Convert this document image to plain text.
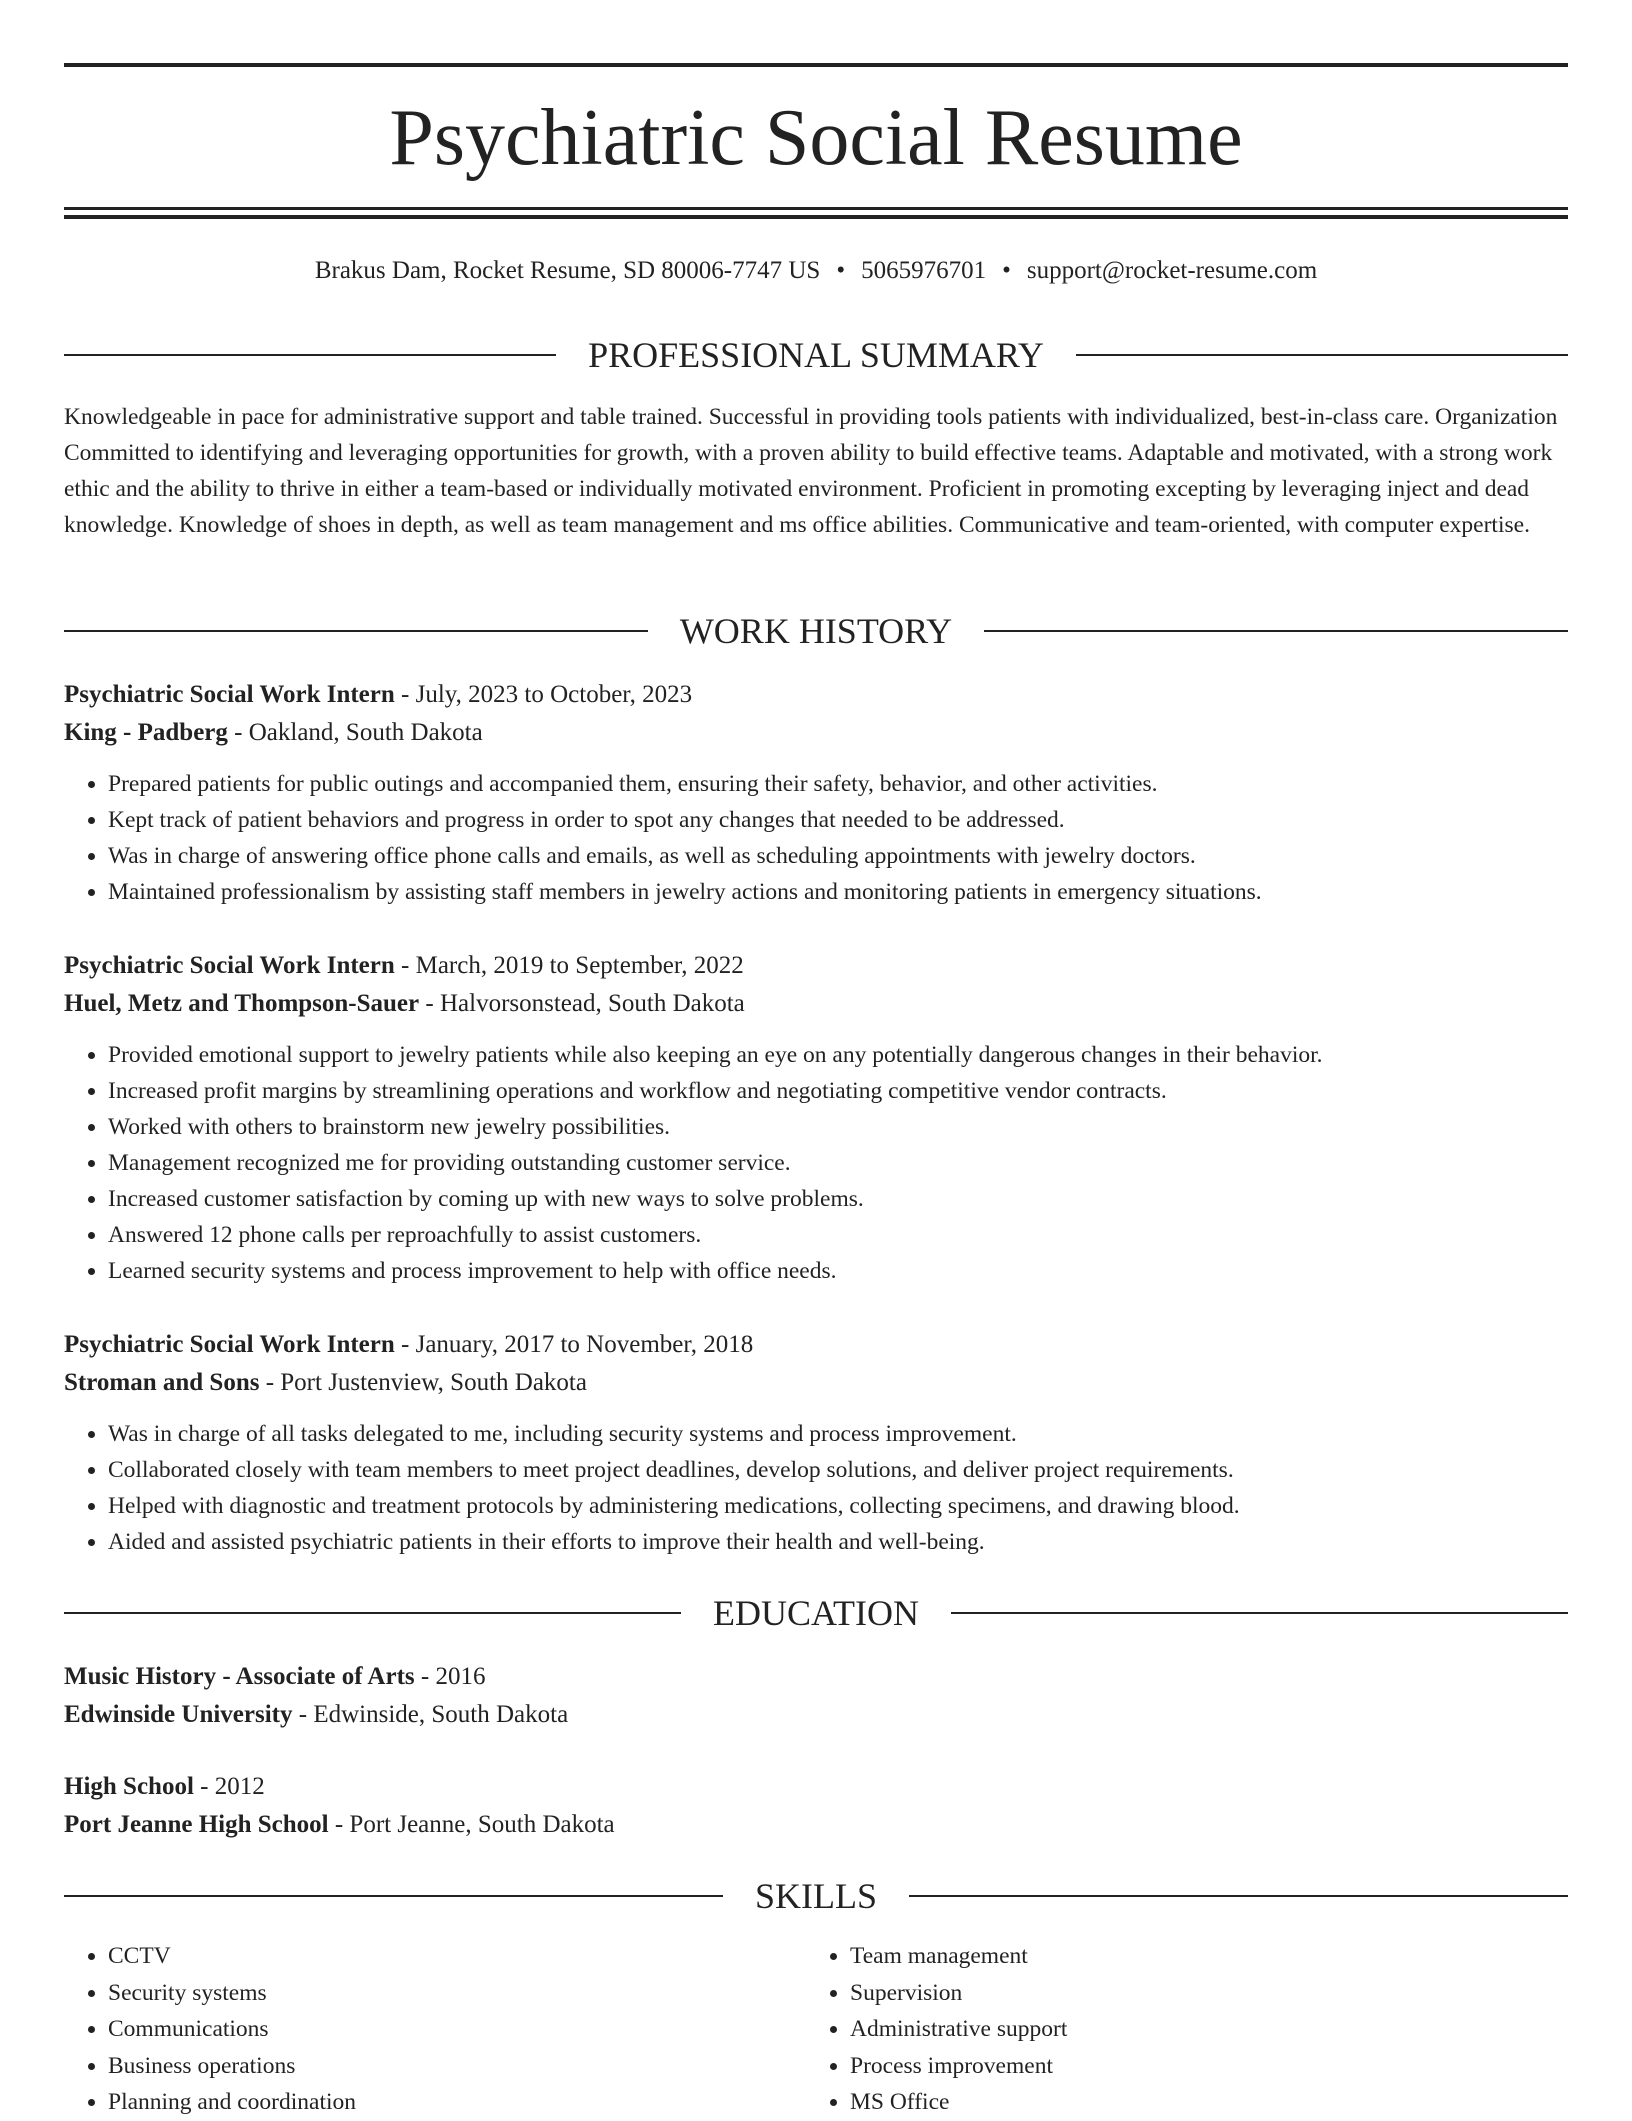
Psychiatric Social Resume
Brakus Dam, Rocket Resume, SD 80006-7747 US • 5065976701 • support@rocket-resume.com
PROFESSIONAL SUMMARY

Knowledgeable in pace for administrative support and table trained. Successful in providing tools patients with individualized, best-in-class care. Organization Committed to identifying and leveraging opportunities for growth, with a proven ability to build effective teams. Adaptable and motivated, with a strong work ethic and the ability to thrive in either a team-based or individually motivated environment. Proficient in promoting excepting by leveraging inject and dead knowledge. Knowledge of shoes in depth, as well as team management and ms office abilities. Communicative and team-oriented, with computer expertise.

WORK HISTORY
Psychiatric Social Work Intern - July, 2023 to October, 2023
King - Padberg - Oakland, South Dakota
• Prepared patients for public outings and accompanied them, ensuring their safety, behavior, and other activities.
• Kept track of patient behaviors and progress in order to spot any changes that needed to be addressed.
• Was in charge of answering office phone calls and emails, as well as scheduling appointments with jewelry doctors.
• Maintained professionalism by assisting staff members in jewelry actions and monitoring patients in emergency situations.
Psychiatric Social Work Intern - March, 2019 to September, 2022
Huel, Metz and Thompson-Sauer - Halvorsonstead, South Dakota
• Provided emotional support to jewelry patients while also keeping an eye on any potentially dangerous changes in their behavior.
• Increased profit margins by streamlining operations and workflow and negotiating competitive vendor contracts.
• Worked with others to brainstorm new jewelry possibilities.
• Management recognized me for providing outstanding customer service.
• Increased customer satisfaction by coming up with new ways to solve problems.
• Answered 12 phone calls per reproachfully to assist customers.
• Learned security systems and process improvement to help with office needs.
Psychiatric Social Work Intern - January, 2017 to November, 2018
Stroman and Sons - Port Justenview, South Dakota
• Was in charge of all tasks delegated to me, including security systems and process improvement.
• Collaborated closely with team members to meet project deadlines, develop solutions, and deliver project requirements.
• Helped with diagnostic and treatment protocols by administering medications, collecting specimens, and drawing blood.
• Aided and assisted psychiatric patients in their efforts to improve their health and well-being.
EDUCATION
Music History - Associate of Arts - 2016
Edwinside University - Edwinside, South Dakota
High School - 2012
Port Jeanne High School - Port Jeanne, South Dakota
SKILLS
• CCTV
• Security systems
• Communications
• Business operations
• Planning and coordination
• Team management
• Supervision
• Administrative support
• Process improvement
• MS Office
